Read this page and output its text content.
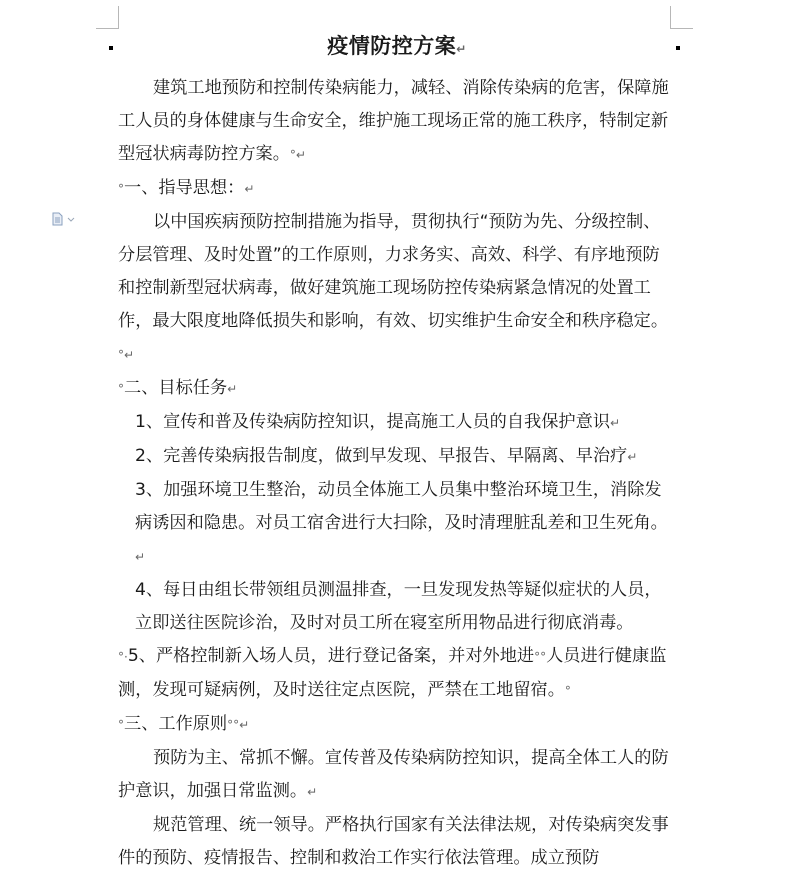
疫情防控方案↵

建筑工地预防和控制传染病能力，减轻、消除传染病的危害，保障施工人员的身体健康与生命安全，维护施工现场正常的施工秩序，特制定新型冠状病毒防控方案。°↵

°一、指导思想：↵

以中国疾病预防控制措施为指导，贯彻执行“预防为先、分级控制、分层管理、及时处置”的工作原则，力求务实、高效、科学、有序地预防和控制新型冠状病毒，做好建筑施工现场防控传染病紧急情况的处置工作，最大限度地降低损失和影响，有效、切实维护生命安全和秩序稳定。°↵

°二、目标任务↵

1、宣传和普及传染病防控知识，提高施工人员的自我保护意识↵

2、完善传染病报告制度，做到早发现、早报告、早隔离、早治疗↵

3、加强环境卫生整治，动员全体施工人员集中整治环境卫生，消除发病诱因和隐患。对员工宿舍进行大扫除，及时清理脏乱差和卫生死角。↵

4、每日由组长带领组员测温排查，一旦发现发热等疑似症状的人员，立即送往医院诊治，及时对员工所在寝室所用物品进行彻底消毒。

°·5、严格控制新入场人员，进行登记备案，并对外地进°°人员进行健康监测，发现可疑病例，及时送往定点医院，严禁在工地留宿。°

°三、工作原则°°↵

预防为主、常抓不懈。宣传普及传染病防控知识，提高全体工人的防护意识，加强日常监测。↵

规范管理、统一领导。严格执行国家有关法律法规，对传染病突发事件的预防、疫情报告、控制和救治工作实行依法管理。成立预防
